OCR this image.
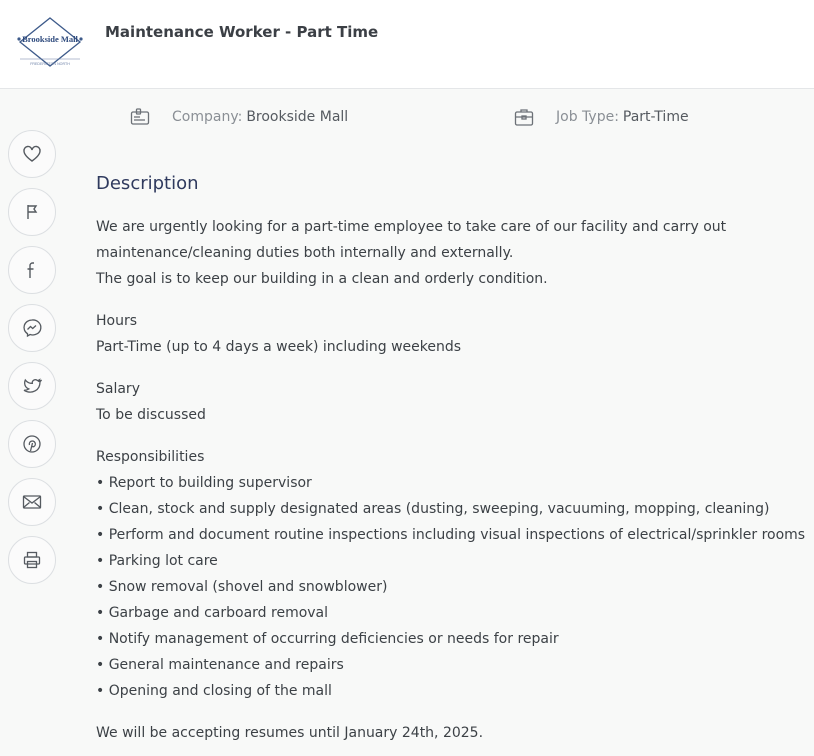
Brookside Mall
FREDERICTON NORTH
Maintenance Worker - Part Time
Company: Brookside Mall	Job Type: Part-Time
Description
We are urgently looking for a part-time employee to take care of our facility and carry out
maintenance/cleaning duties both internally and externally.
The goal is to keep our building in a clean and orderly condition.
Hours
Part-Time (up to 4 days a week) including weekends
Salary
To be discussed
Responsibilities
• Report to building supervisor
• Clean, stock and supply designated areas (dusting, sweeping, vacuuming, mopping, cleaning)
• Perform and document routine inspections including visual inspections of electrical/sprinkler rooms
• Parking lot care
• Snow removal (shovel and snowblower)
• Garbage and carboard removal
• Notify management of occurring deficiencies or needs for repair
• General maintenance and repairs
• Opening and closing of the mall
We will be accepting resumes until January 24th, 2025.
